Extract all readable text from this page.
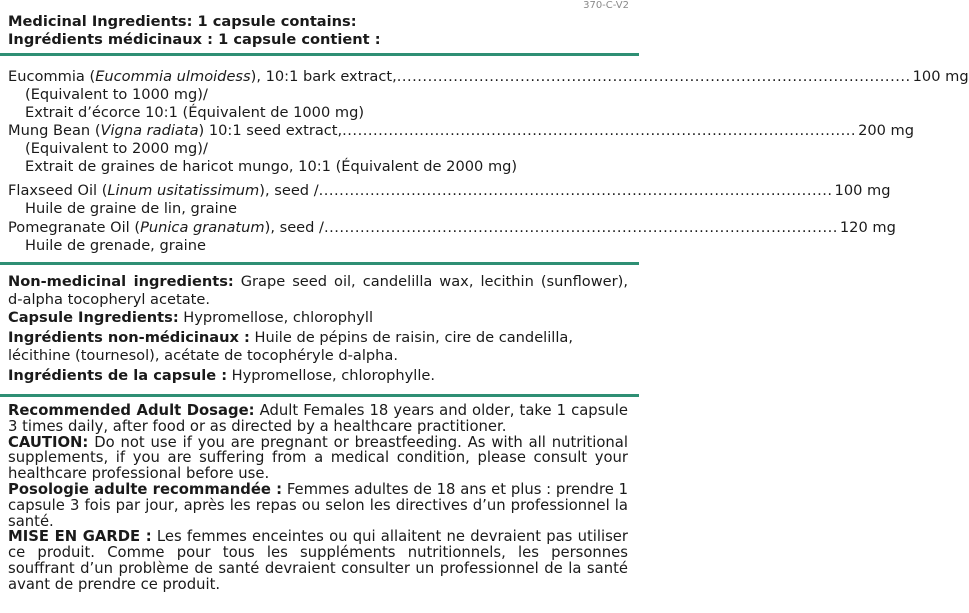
370-C-V2
Medicinal Ingredients: 1 capsule contains:
Ingrédients médicinaux : 1 capsule contient :
Eucommia (Eucommia ulmoidess), 10:1 bark extract, .................................................................................................... 100 mg
(Equivalent to 1000 mg)/
Extrait d’écorce 10:1 (Équivalent de 1000 mg)
Mung Bean (Vigna radiata) 10:1 seed extract, .................................................................................................... 200 mg
(Equivalent to 2000 mg)/
Extrait de graines de haricot mungo, 10:1 (Équivalent de 2000 mg)
Flaxseed Oil (Linum usitatissimum), seed / .................................................................................................... 100 mg
Huile de graine de lin, graine
Pomegranate Oil (Punica granatum), seed / .................................................................................................... 120 mg
Huile de grenade, graine

Non-medicinal ingredients: Grape seed oil, candelilla wax, lecithin (sunflower), d-alpha tocopheryl acetate.

Capsule Ingredients: Hypromellose, chlorophyll

Ingrédients non-médicinaux : Huile de pépins de raisin, cire de candelilla, lécithine (tournesol), acétate de tocophéryle d-alpha.

Ingrédients de la capsule : Hypromellose, chlorophylle.

Recommended Adult Dosage: Adult Females 18 years and older, take 1 capsule 3 times daily, after food or as directed by a healthcare practitioner.

CAUTION: Do not use if you are pregnant or breastfeeding. As with all nutritional supplements, if you are suffering from a medical condition, please consult your healthcare professional before use.

Posologie adulte recommandée : Femmes adultes de 18 ans et plus : prendre 1 capsule 3 fois par jour, après les repas ou selon les directives d’un professionnel la santé.

MISE EN GARDE : Les femmes enceintes ou qui allaitent ne devraient pas utiliser ce produit. Comme pour tous les suppléments nutritionnels, les personnes souffrant d’un problème de santé devraient consulter un professionnel de la santé avant de prendre ce produit.
